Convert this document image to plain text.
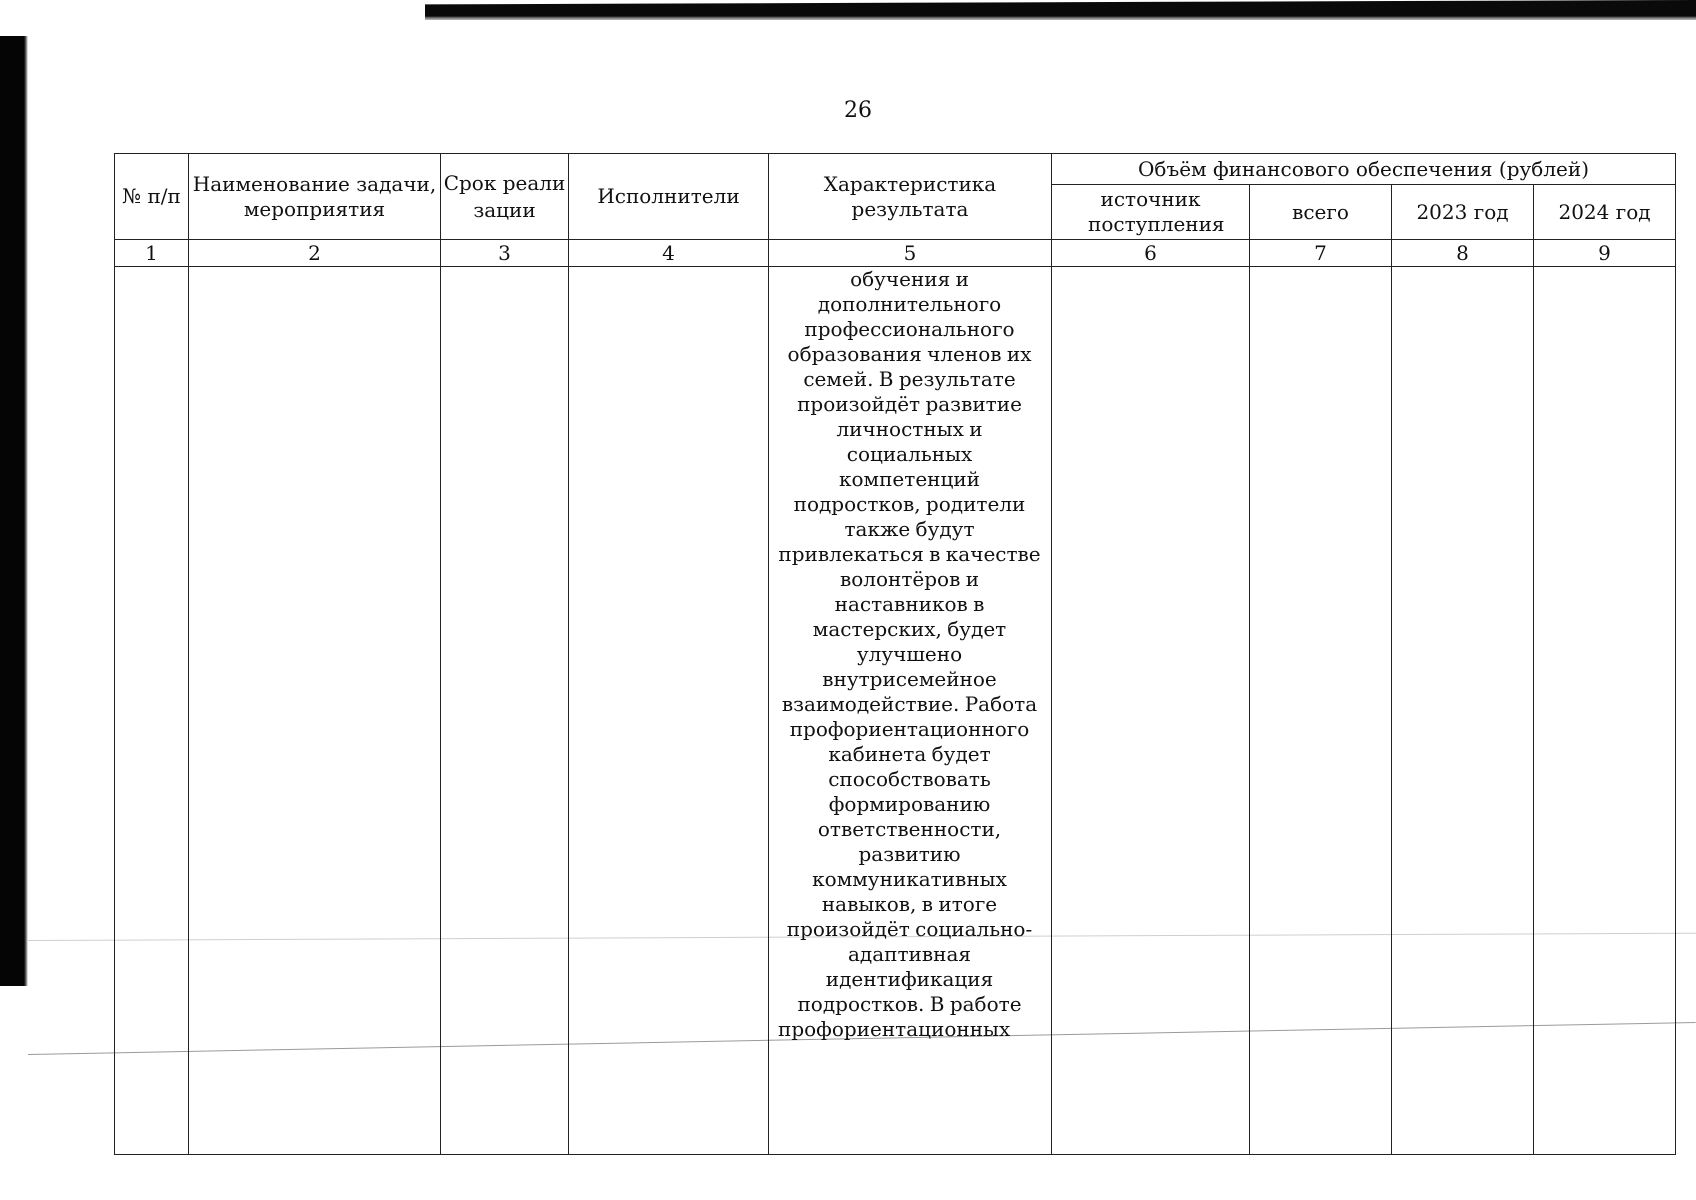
26
№ п/п	Наименование задачи, мероприятия	Срок реализации	Исполнители	Характеристика результата	Объём финансового обеспечения (рублей)			
					источник поступления	всего	2023 год	2024 год
1	2	3	4	5	6	7	8	9

				обучения и дополнительного профессионального образования членов их семей. В результате произойдёт развитие личностных и социальных компетенций подростков, родители также будут привлекаться в качестве волонтёров и наставников в мастерских, будет улучшено внутрисемейное взаимодействие. Работа профориентационного кабинета будет способствовать формированию ответственности, развитию коммуникативных навыков, в итоге произойдёт социально-адаптивная идентификация подростков. В работе профориентационных				
